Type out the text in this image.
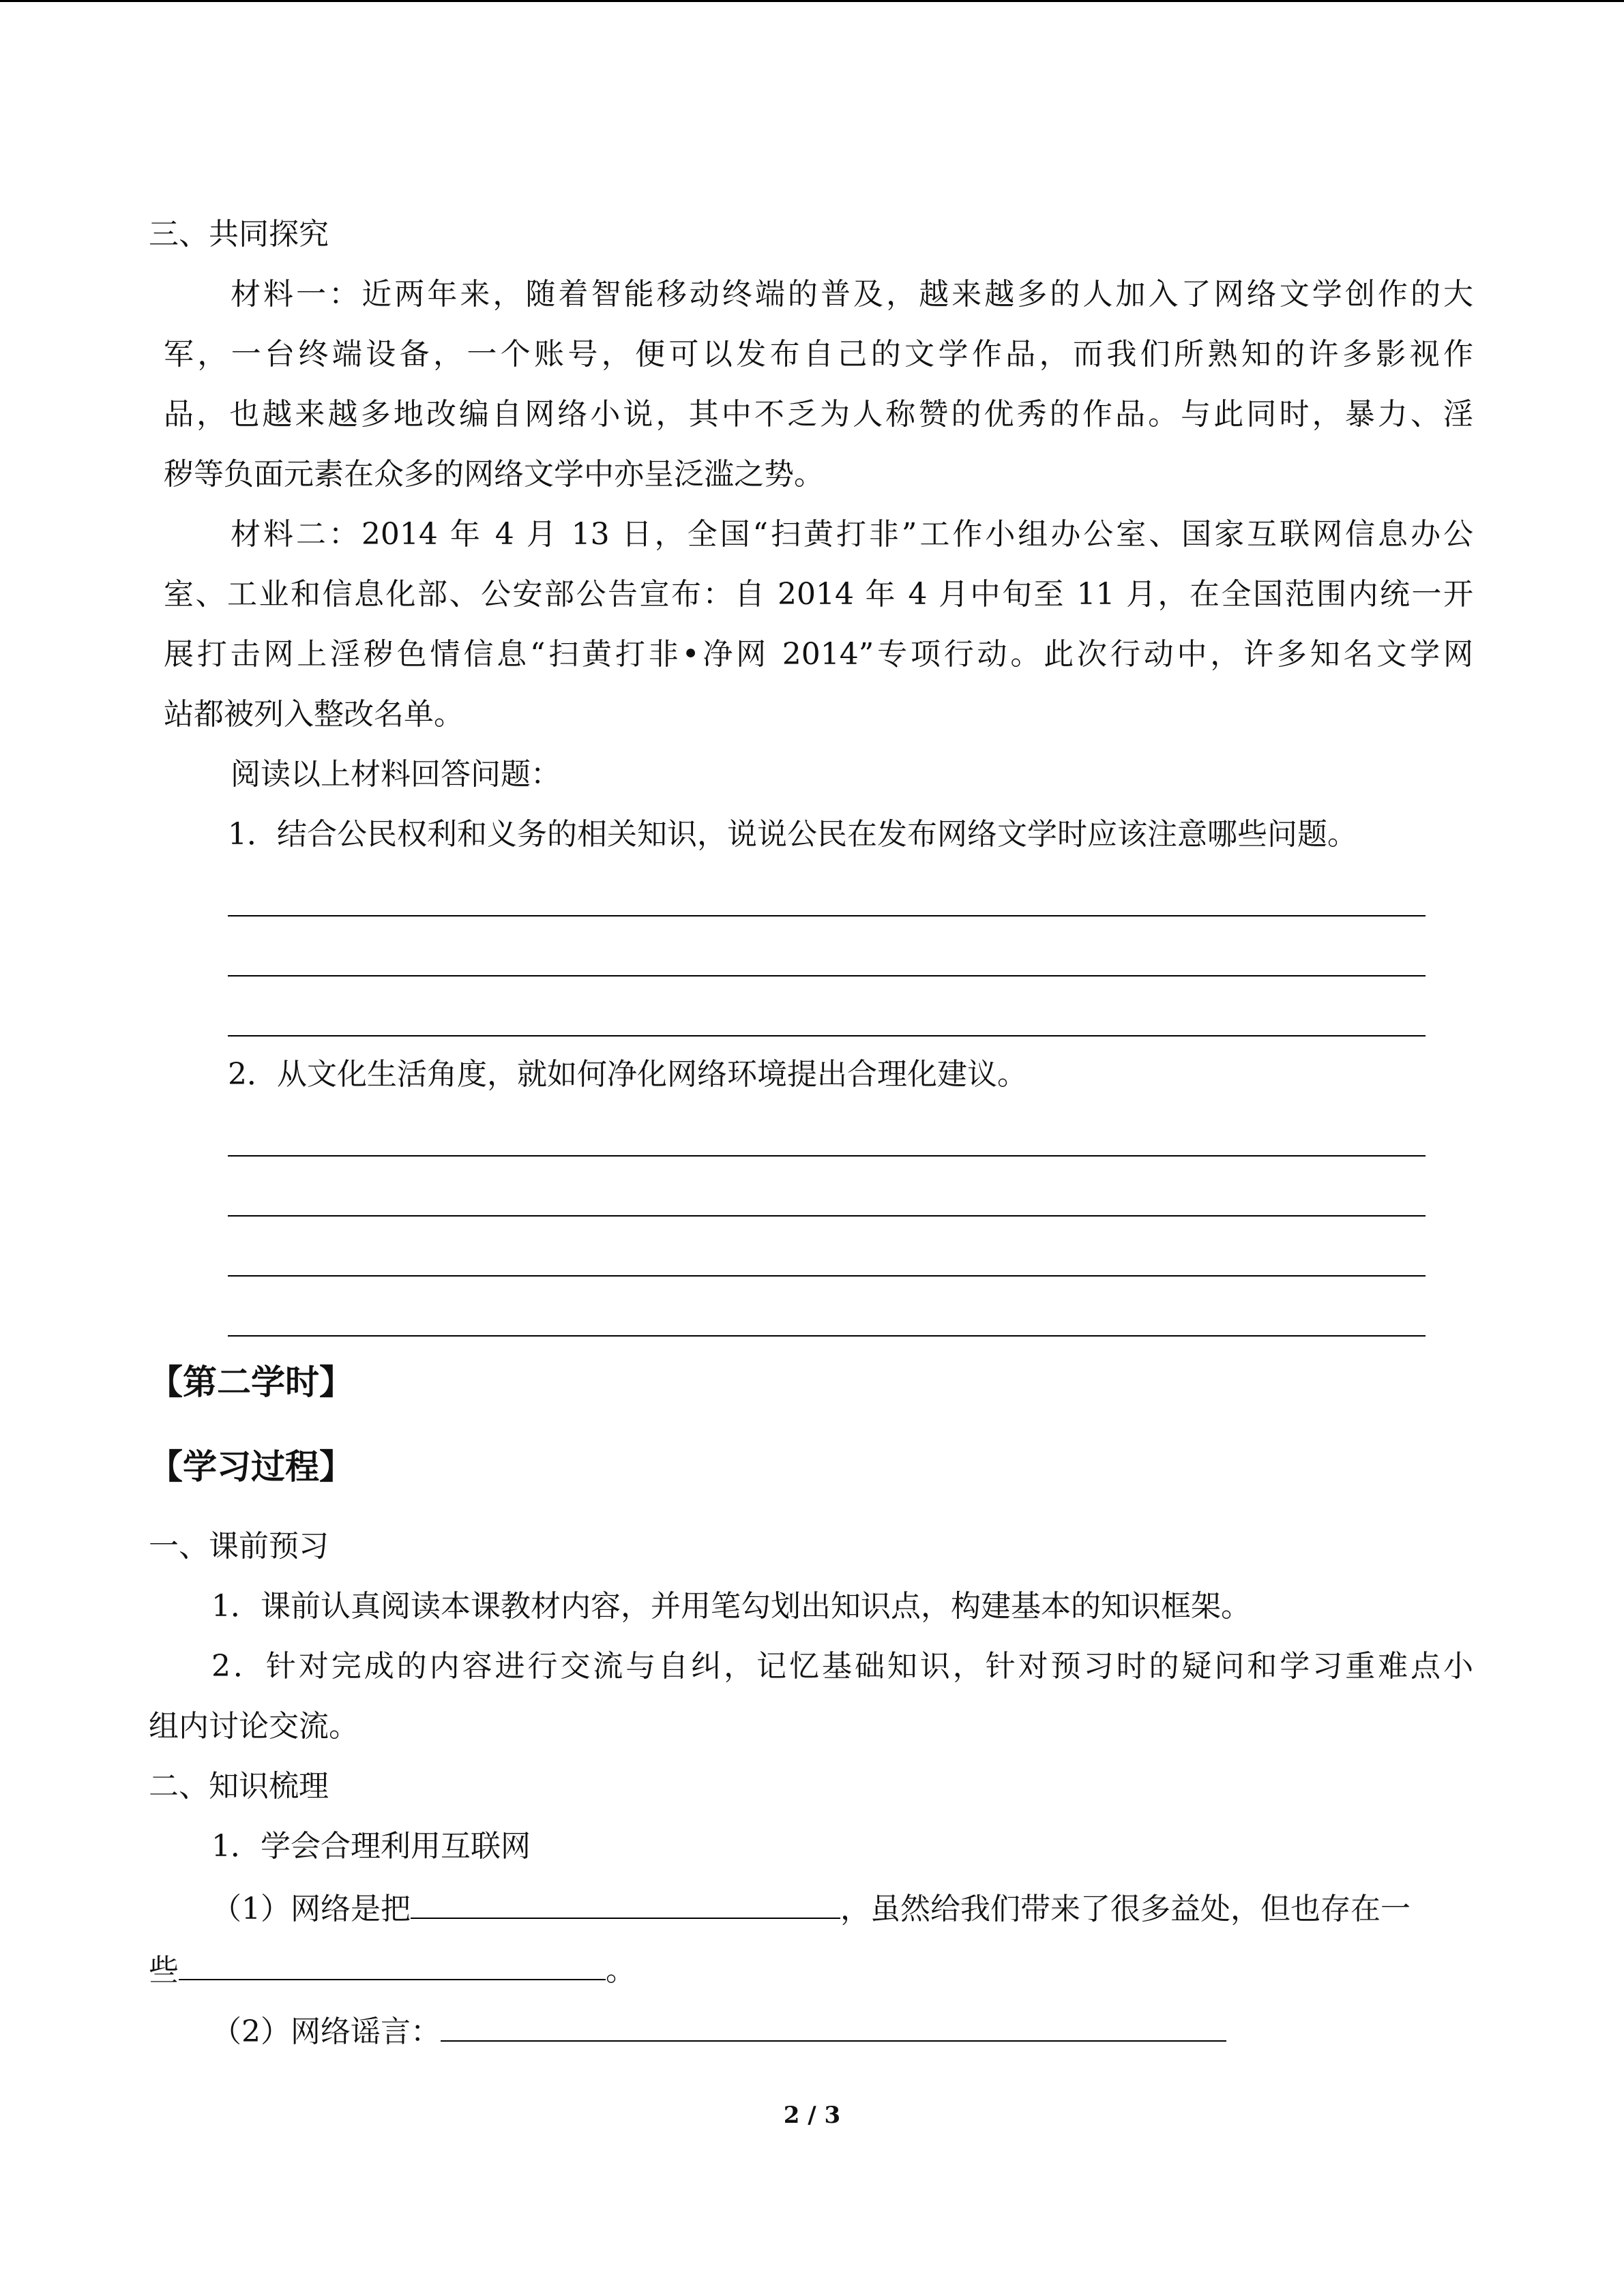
三、共同探究
材料一：近两年来，随着智能移动终端的普及，越来越多的人加入了网络文学创作的大
军，一台终端设备，一个账号，便可以发布自己的文学作品，而我们所熟知的许多影视作
品，也越来越多地改编自网络小说，其中不乏为人称赞的优秀的作品。与此同时，暴力、淫
秽等负面元素在众多的网络文学中亦呈泛滥之势。
材料二：2014 年 4 月 13 日，全国“扫黄打非”工作小组办公室、国家互联网信息办公
室、工业和信息化部、公安部公告宣布：自 2014 年 4 月中旬至 11 月，在全国范围内统一开
展打击网上淫秽色情信息“扫黄打非•净网 2014”专项行动。此次行动中，许多知名文学网
站都被列入整改名单。
阅读以上材料回答问题：
1．结合公民权利和义务的相关知识，说说公民在发布网络文学时应该注意哪些问题。
2．从文化生活角度，就如何净化网络环境提出合理化建议。
【第二学时】
【学习过程】
一、课前预习
1．课前认真阅读本课教材内容，并用笔勾划出知识点，构建基本的知识框架。
2．针对完成的内容进行交流与自纠，记忆基础知识，针对预习时的疑问和学习重难点小
组内讨论交流。
二、知识梳理
1．学会合理利用互联网
（1）网络是把	，虽然给我们带来了很多益处，但也存在一
些	。
（2）网络谣言：
2 / 3
